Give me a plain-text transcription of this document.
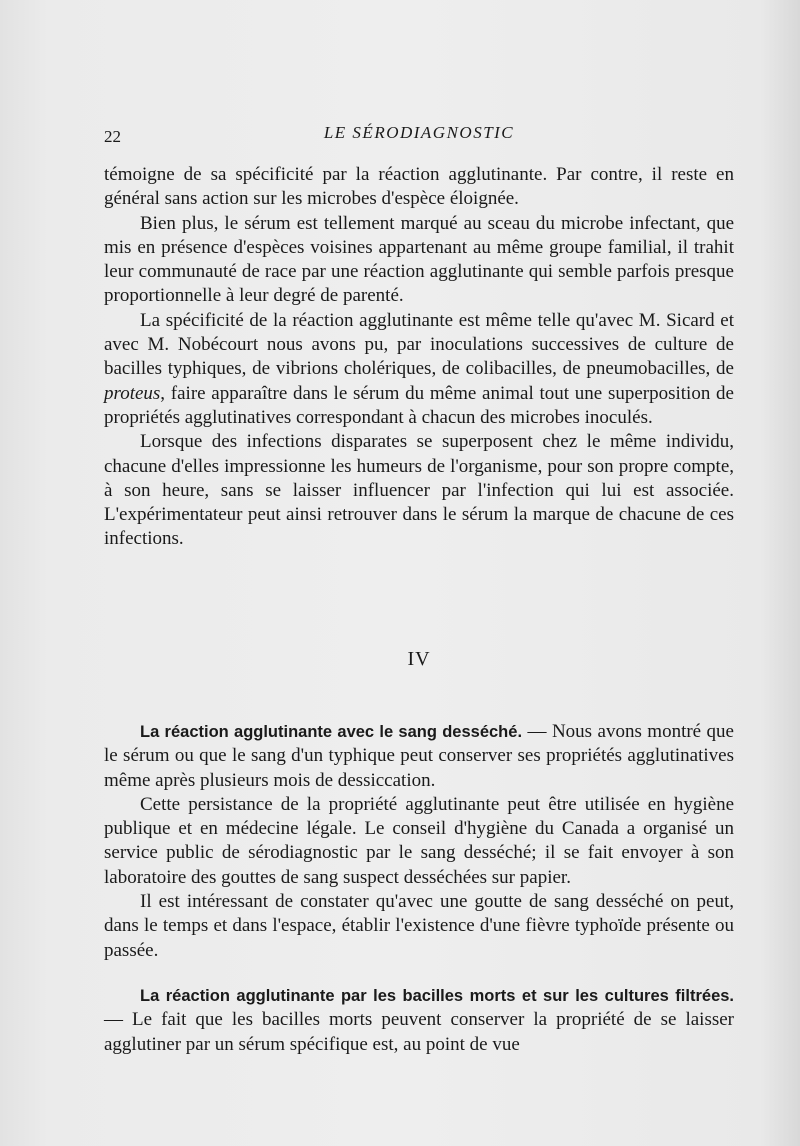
22	LE SÉRODIAGNOSTIC

témoigne de sa spécificité par la réaction agglutinante. Par contre, il reste en général sans action sur les microbes d'espèce éloignée.

Bien plus, le sérum est tellement marqué au sceau du microbe infectant, que mis en présence d'espèces voisines appartenant au même groupe familial, il trahit leur communauté de race par une réaction agglutinante qui semble parfois presque proportionnelle à leur degré de parenté.

La spécificité de la réaction agglutinante est même telle qu'avec M. Sicard et avec M. Nobécourt nous avons pu, par inoculations successives de culture de bacilles typhiques, de vibrions cholériques, de colibacilles, de pneumobacilles, de proteus, faire apparaître dans le sérum du même animal tout une superposition de propriétés agglutinatives correspondant à chacun des microbes inoculés.

Lorsque des infections disparates se superposent chez le même individu, chacune d'elles impressionne les humeurs de l'organisme, pour son propre compte, à son heure, sans se laisser influencer par l'infection qui lui est associée. L'expérimentateur peut ainsi retrouver dans le sérum la marque de chacune de ces infections.

IV

La réaction agglutinante avec le sang desséché. — Nous avons montré que le sérum ou que le sang d'un typhique peut conserver ses propriétés agglutinatives même après plusieurs mois de dessiccation.

Cette persistance de la propriété agglutinante peut être utilisée en hygiène publique et en médecine légale. Le conseil d'hygiène du Canada a organisé un service public de sérodiagnostic par le sang desséché; il se fait envoyer à son laboratoire des gouttes de sang suspect desséchées sur papier.

Il est intéressant de constater qu'avec une goutte de sang desséché on peut, dans le temps et dans l'espace, établir l'existence d'une fièvre typhoïde présente ou passée.

La réaction agglutinante par les bacilles morts et sur les cultures filtrées. — Le fait que les bacilles morts peuvent conserver la propriété de se laisser agglutiner par un sérum spécifique est, au point de vue
